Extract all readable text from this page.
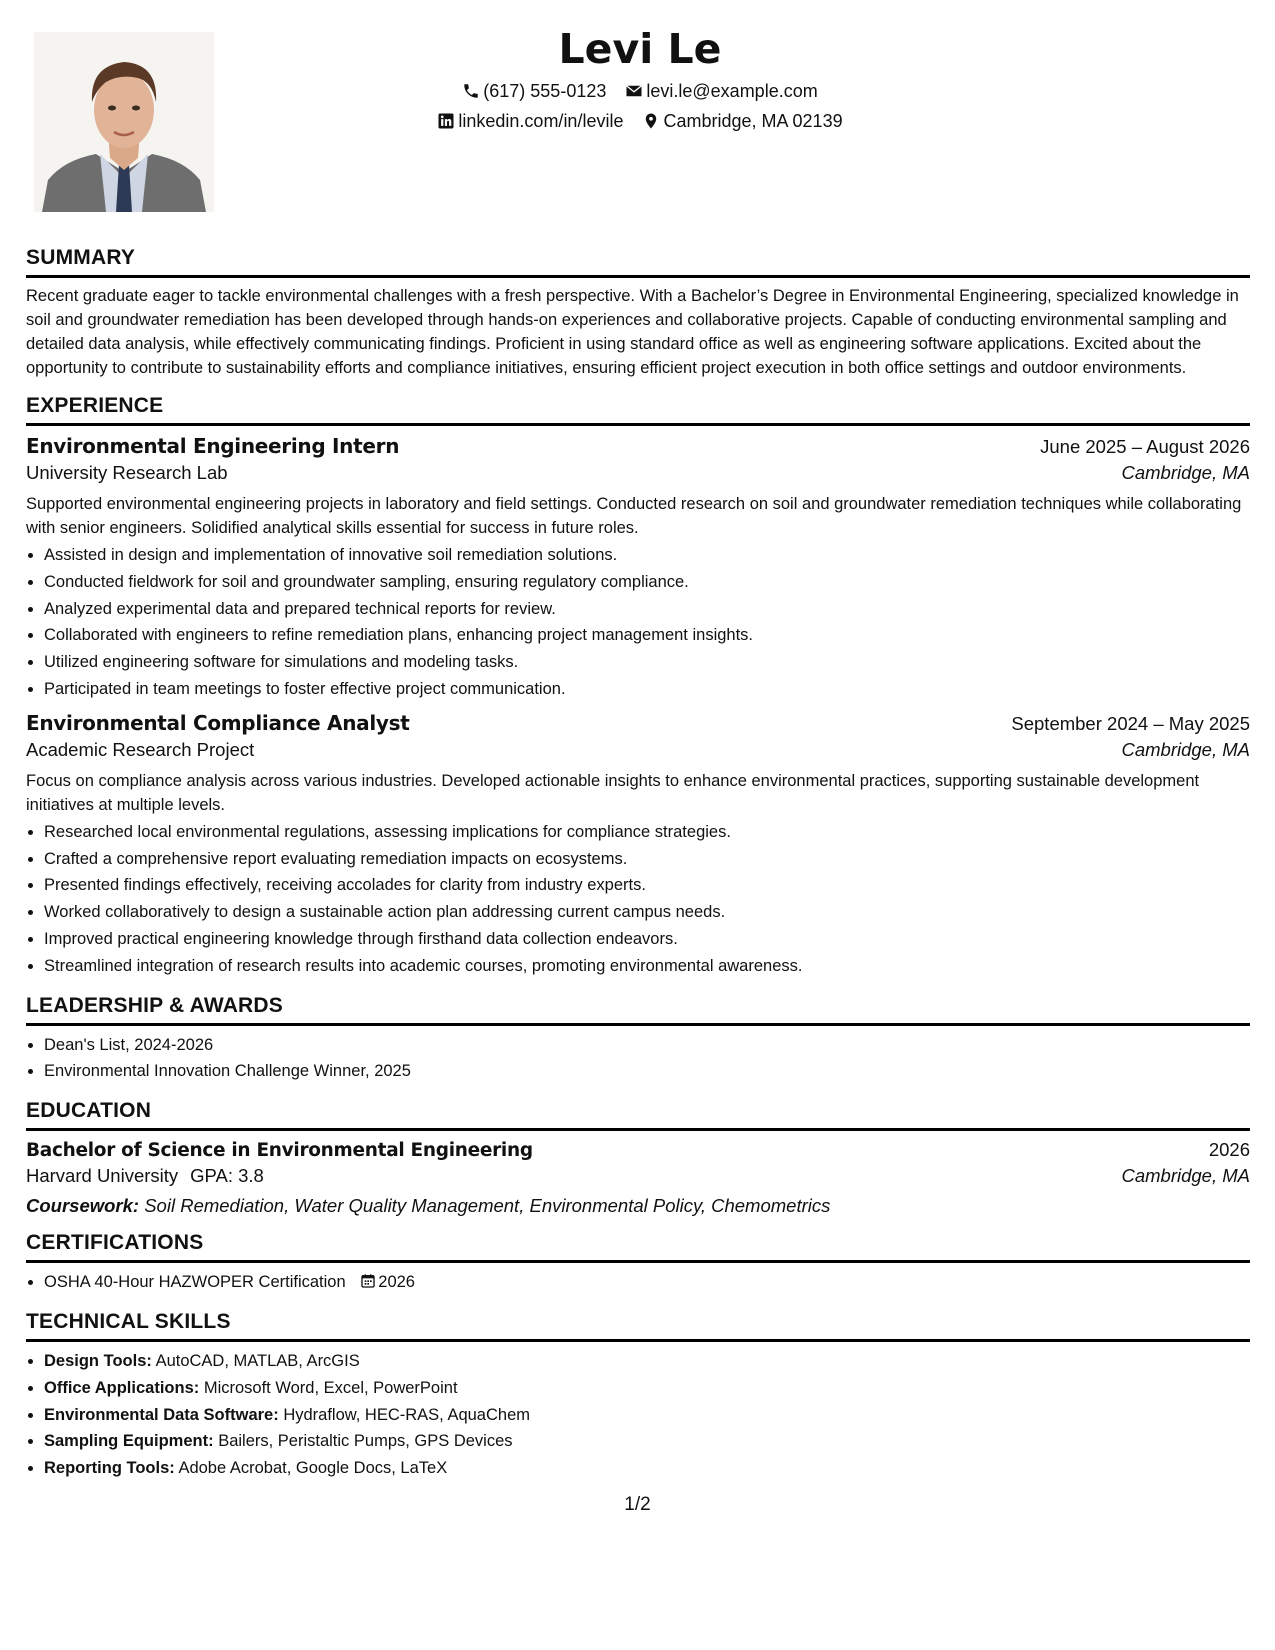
Levi Le
(617) 555-0123 levi.le@example.com
linkedin.com/in/levile Cambridge, MA 02139
SUMMARY

Recent graduate eager to tackle environmental challenges with a fresh perspective. With a Bachelor’s Degree in Environmental Engineering, specialized knowledge in soil and groundwater remediation has been developed through hands-on experiences and collaborative projects. Capable of conducting environmental sampling and detailed data analysis, while effectively communicating findings. Proficient in using standard office as well as engineering software applications. Excited about the opportunity to contribute to sustainability efforts and compliance initiatives, ensuring efficient project execution in both office settings and outdoor environments.

EXPERIENCE
Environmental Engineering Intern	June 2025 – August 2026
University Research Lab	Cambridge, MA

Supported environmental engineering projects in laboratory and field settings. Conducted research on soil and groundwater remediation techniques while collaborating with senior engineers. Solidified analytical skills essential for success in future roles.

• Assisted in design and implementation of innovative soil remediation solutions.
• Conducted fieldwork for soil and groundwater sampling, ensuring regulatory compliance.
• Analyzed experimental data and prepared technical reports for review.
• Collaborated with engineers to refine remediation plans, enhancing project management insights.
• Utilized engineering software for simulations and modeling tasks.
• Participated in team meetings to foster effective project communication.
Environmental Compliance Analyst	September 2024 – May 2025
Academic Research Project	Cambridge, MA

Focus on compliance analysis across various industries. Developed actionable insights to enhance environmental practices, supporting sustainable development initiatives at multiple levels.

• Researched local environmental regulations, assessing implications for compliance strategies.
• Crafted a comprehensive report evaluating remediation impacts on ecosystems.
• Presented findings effectively, receiving accolades for clarity from industry experts.
• Worked collaboratively to design a sustainable action plan addressing current campus needs.
• Improved practical engineering knowledge through firsthand data collection endeavors.
• Streamlined integration of research results into academic courses, promoting environmental awareness.
LEADERSHIP & AWARDS
• Dean's List, 2024-2026
• Environmental Innovation Challenge Winner, 2025
EDUCATION
Bachelor of Science in Environmental Engineering	2026
Harvard University GPA: 3.8	Cambridge, MA
Coursework: Soil Remediation, Water Quality Management, Environmental Policy, Chemometrics
CERTIFICATIONS
• OSHA 40-Hour HAZWOPER Certification 2026
TECHNICAL SKILLS
• Design Tools: AutoCAD, MATLAB, ArcGIS
• Office Applications: Microsoft Word, Excel, PowerPoint
• Environmental Data Software: Hydraflow, HEC-RAS, AquaChem
• Sampling Equipment: Bailers, Peristaltic Pumps, GPS Devices
• Reporting Tools: Adobe Acrobat, Google Docs, LaTeX
1/2
